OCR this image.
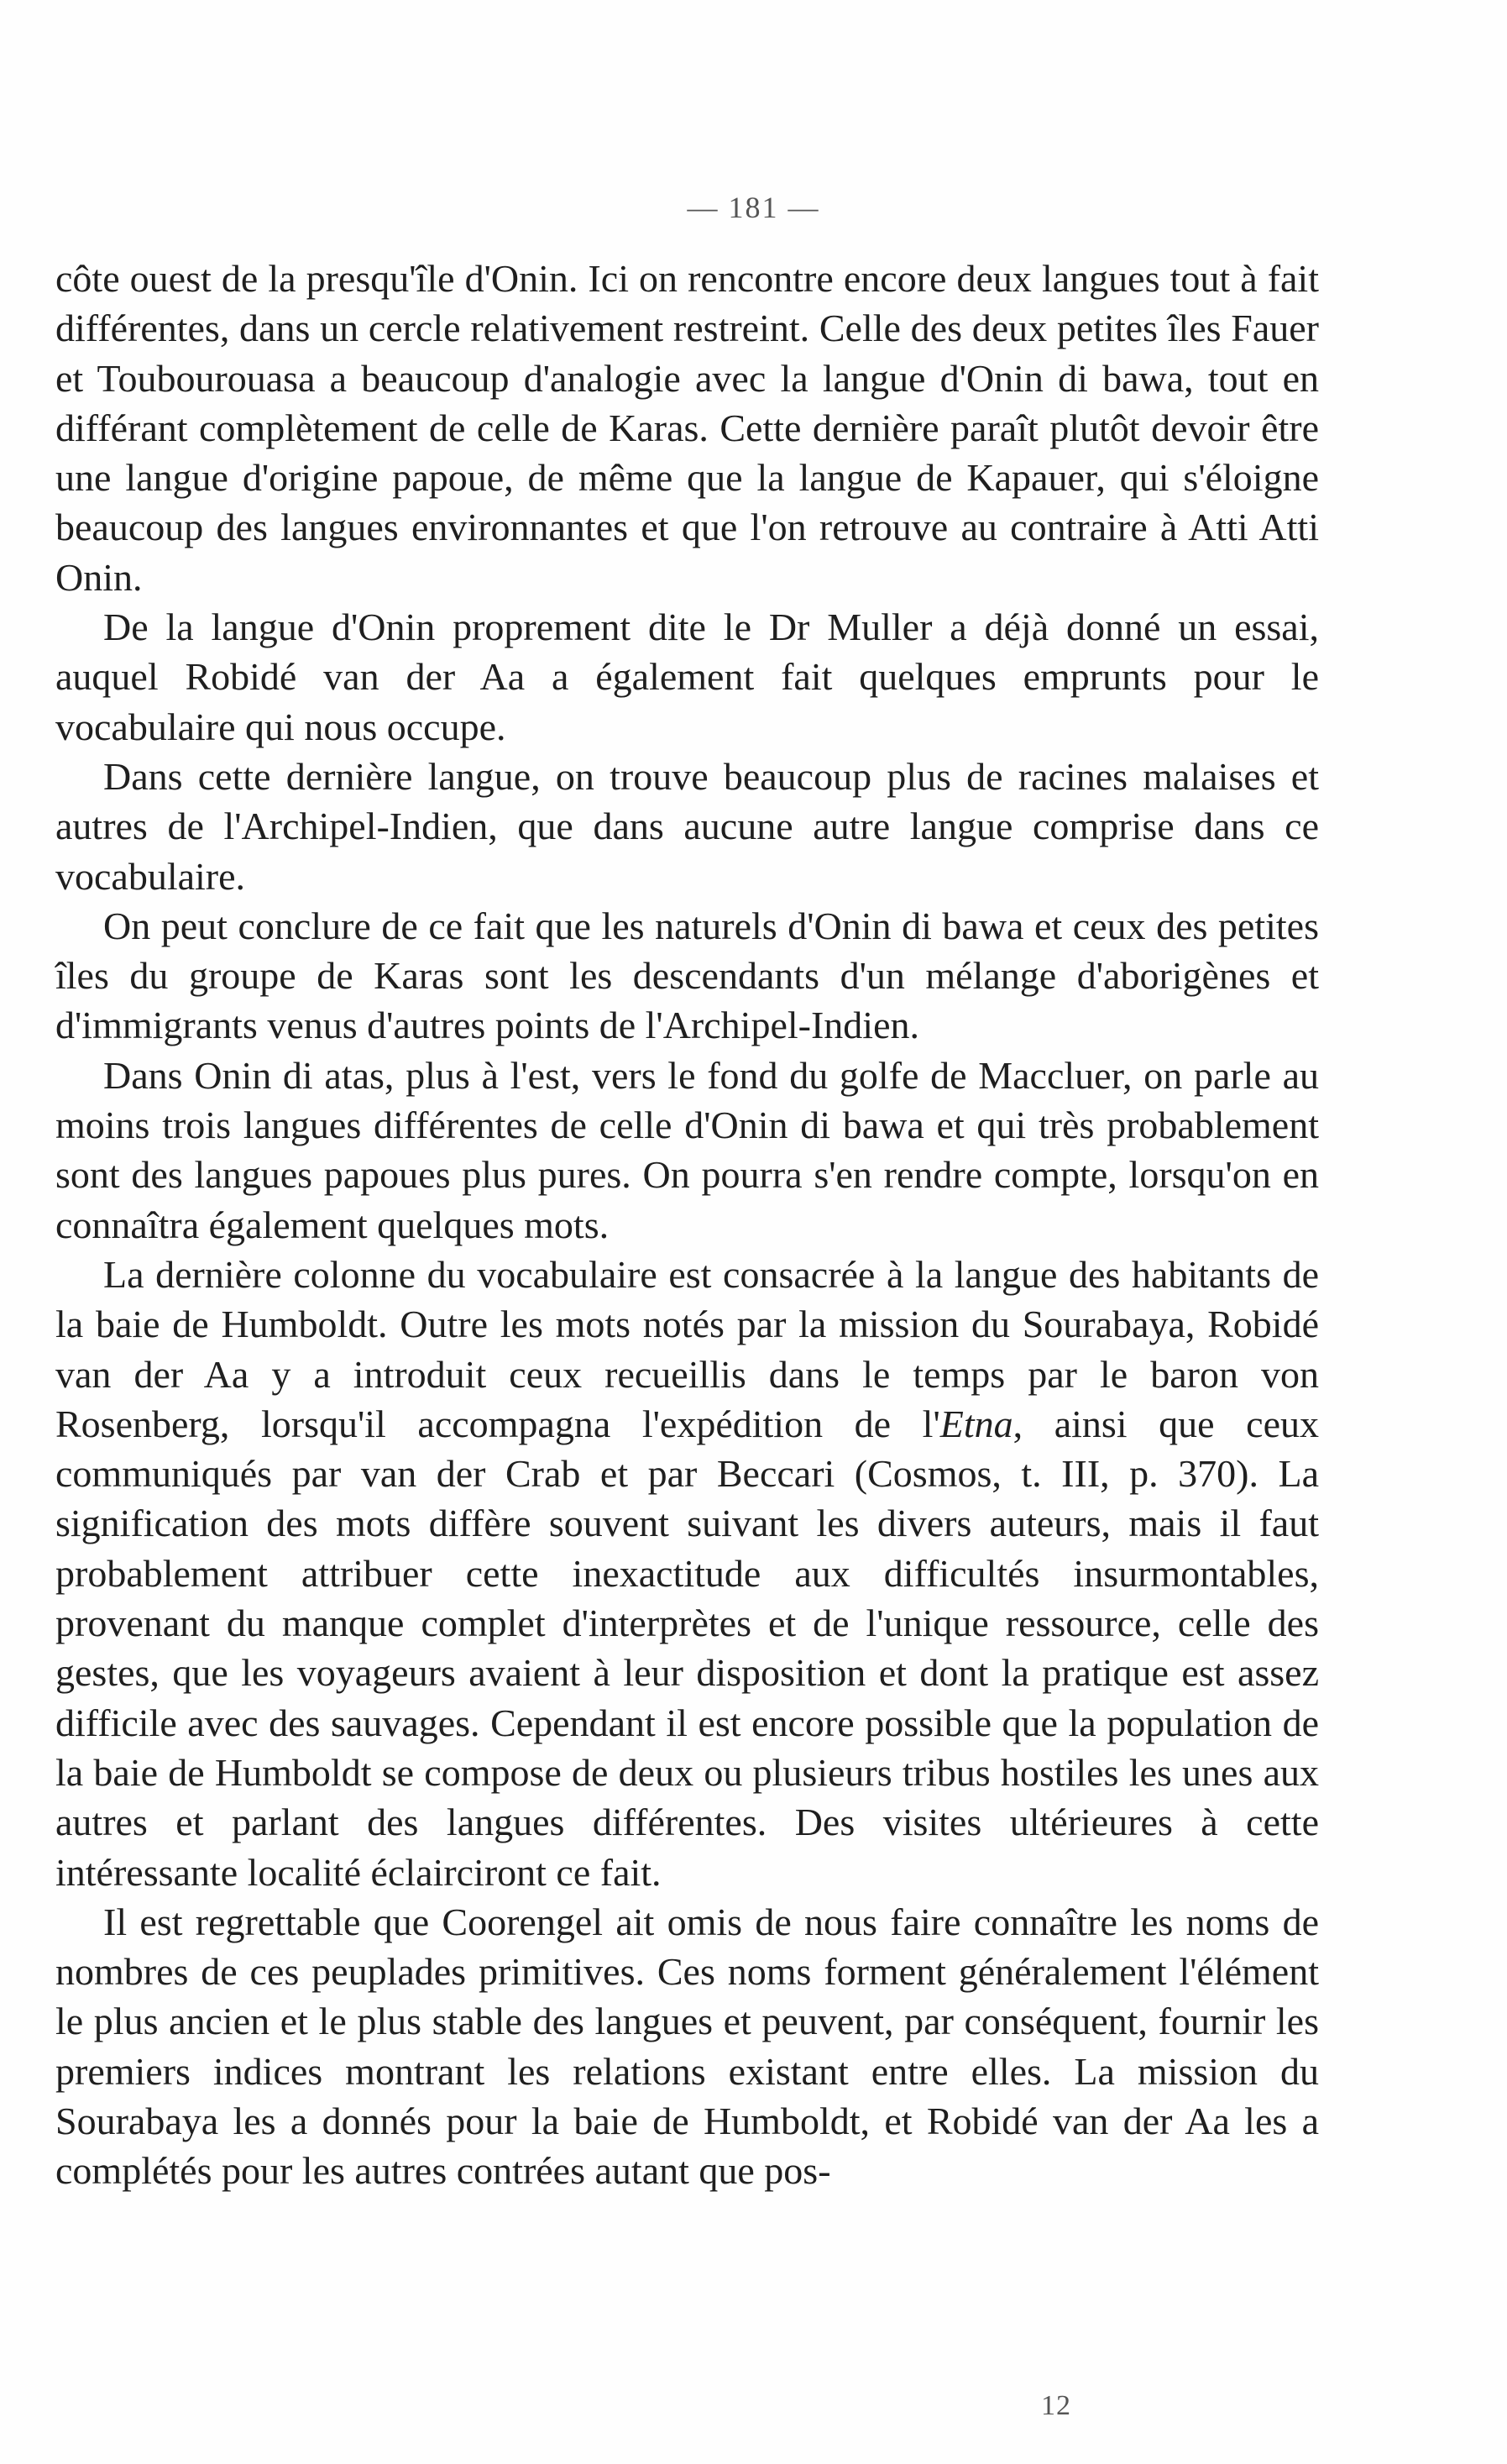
— 181 —

côte ouest de la presqu'île d'Onin. Ici on rencontre encore deux langues tout à fait différentes, dans un cercle relativement restreint. Celle des deux petites îles Fauer et Toubourouasa a beaucoup d'analogie avec la langue d'Onin di bawa, tout en différant complètement de celle de Karas. Cette dernière paraît plutôt devoir être une langue d'origine papoue, de même que la langue de Kapauer, qui s'éloigne beaucoup des langues environnantes et que l'on retrouve au contraire à Atti Atti Onin.

De la langue d'Onin proprement dite le Dr Muller a déjà donné un essai, auquel Robidé van der Aa a également fait quelques emprunts pour le vocabulaire qui nous occupe.

Dans cette dernière langue, on trouve beaucoup plus de racines malaises et autres de l'Archipel-Indien, que dans aucune autre langue comprise dans ce vocabulaire.

On peut conclure de ce fait que les naturels d'Onin di bawa et ceux des petites îles du groupe de Karas sont les descendants d'un mélange d'aborigènes et d'immigrants venus d'autres points de l'Archipel-Indien.

Dans Onin di atas, plus à l'est, vers le fond du golfe de Maccluer, on parle au moins trois langues différentes de celle d'Onin di bawa et qui très probablement sont des langues papoues plus pures. On pourra s'en rendre compte, lorsqu'on en connaîtra également quelques mots.

La dernière colonne du vocabulaire est consacrée à la langue des habitants de la baie de Humboldt. Outre les mots notés par la mission du Sourabaya, Robidé van der Aa y a introduit ceux recueillis dans le temps par le baron von Rosenberg, lorsqu'il accompagna l'expédition de l'Etna, ainsi que ceux communiqués par van der Crab et par Beccari (Cosmos, t. III, p. 370). La signification des mots diffère souvent suivant les divers auteurs, mais il faut probablement attribuer cette inexactitude aux difficultés insurmontables, provenant du manque complet d'interprètes et de l'unique ressource, celle des gestes, que les voyageurs avaient à leur disposition et dont la pratique est assez difficile avec des sauvages. Cependant il est encore possible que la population de la baie de Humboldt se compose de deux ou plusieurs tribus hostiles les unes aux autres et parlant des langues différentes. Des visites ultérieures à cette intéressante localité éclairciront ce fait.

Il est regrettable que Coorengel ait omis de nous faire connaître les noms de nombres de ces peuplades primitives. Ces noms forment généralement l'élément le plus ancien et le plus stable des langues et peuvent, par conséquent, fournir les premiers indices montrant les relations existant entre elles. La mission du Sourabaya les a donnés pour la baie de Humboldt, et Robidé van der Aa les a complétés pour les autres contrées autant que pos-

12
